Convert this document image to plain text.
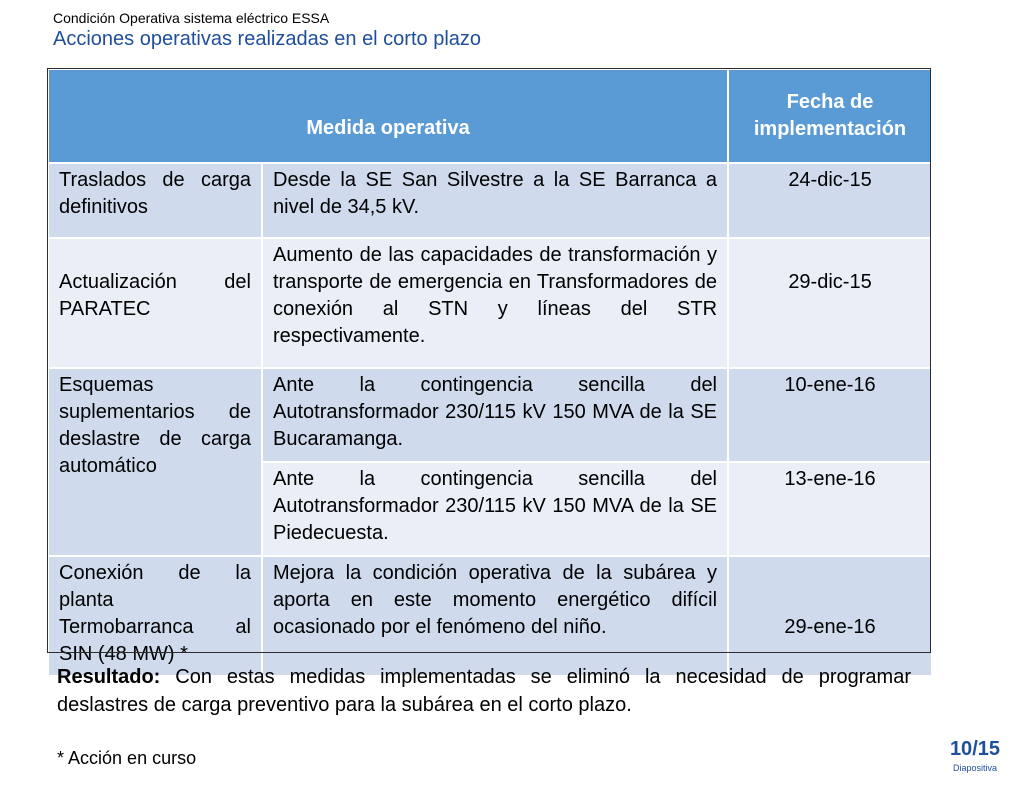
Condición Operativa sistema eléctrico ESSA
Acciones operativas realizadas en el corto plazo
Medida operativa		Fecha de implementación
Traslados de carga definitivos	Desde la SE San Silvestre a la SE Barranca a nivel de 34,5 kV.	24-dic-15
Actualización del PARATEC	Aumento de las capacidades de transformación y transporte de emergencia en Transformadores de conexión al STN y líneas del STR respectivamente.	29-dic-15
Esquemas suplementarios de deslastre de carga automático	Ante la contingencia sencilla del Autotransformador 230/115 kV 150 MVA de la SE Bucaramanga.	10-ene-16
	Ante la contingencia sencilla del Autotransformador 230/115 kV 150 MVA de la SE Piedecuesta.	13-ene-16
Conexión de la planta Termobarranca al SIN (48 MW) *	Mejora la condición operativa de la subárea y aporta en este momento energético difícil ocasionado por el fenómeno del niño.	29-ene-16
Resultado: Con estas medidas implementadas se eliminó la necesidad de programar deslastres de carga preventivo para la subárea en el corto plazo.
* Acción en curso	10/15
Diapositiva
